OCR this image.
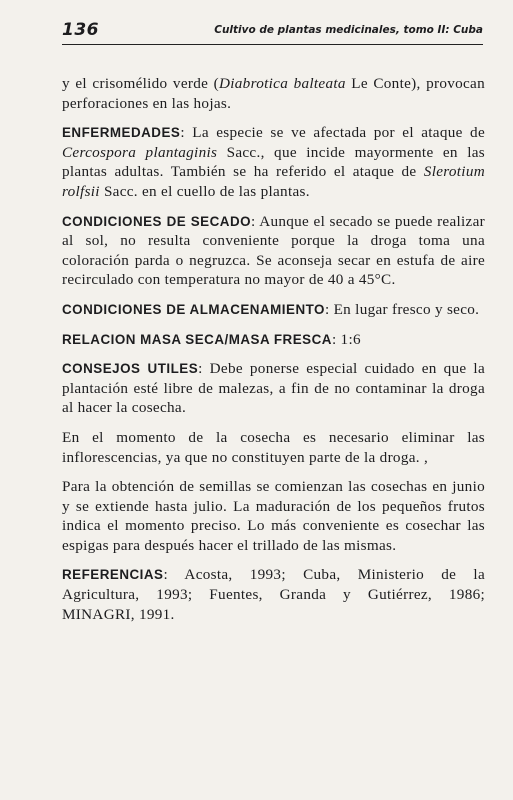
136	Cultivo de plantas medicinales, tomo II: Cuba

y el crisomélido verde (Diabrotica balteata Le Conte), provocan perforaciones en las hojas.

ENFERMEDADES: La especie se ve afectada por el ataque de Cercospora plantaginis Sacc., que incide mayormente en las plantas adultas. También se ha referido el ataque de Slerotium rolfsii Sacc. en el cuello de las plantas.

CONDICIONES DE SECADO: Aunque el secado se puede realizar al sol, no resulta conveniente porque la droga toma una coloración parda o negruzca. Se aconseja secar en estufa de aire recirculado con temperatura no mayor de 40 a 45°C.

CONDICIONES DE ALMACENAMIENTO: En lugar fresco y seco.

RELACION MASA SECA/MASA FRESCA: 1:6

CONSEJOS UTILES: Debe ponerse especial cuidado en que la plantación esté libre de malezas, a fin de no contaminar la droga al hacer la cosecha.

En el momento de la cosecha es necesario eliminar las inflorescencias, ya que no constituyen parte de la droga. ,

Para la obtención de semillas se comienzan las cosechas en junio y se extiende hasta julio. La maduración de los pequeños frutos indica el momento preciso. Lo más conveniente es cosechar las espigas para después hacer el trillado de las mismas.

REFERENCIAS: Acosta, 1993; Cuba, Ministerio de la Agricultura, 1993; Fuentes, Granda y Gutiérrez, 1986; MINAGRI, 1991.
